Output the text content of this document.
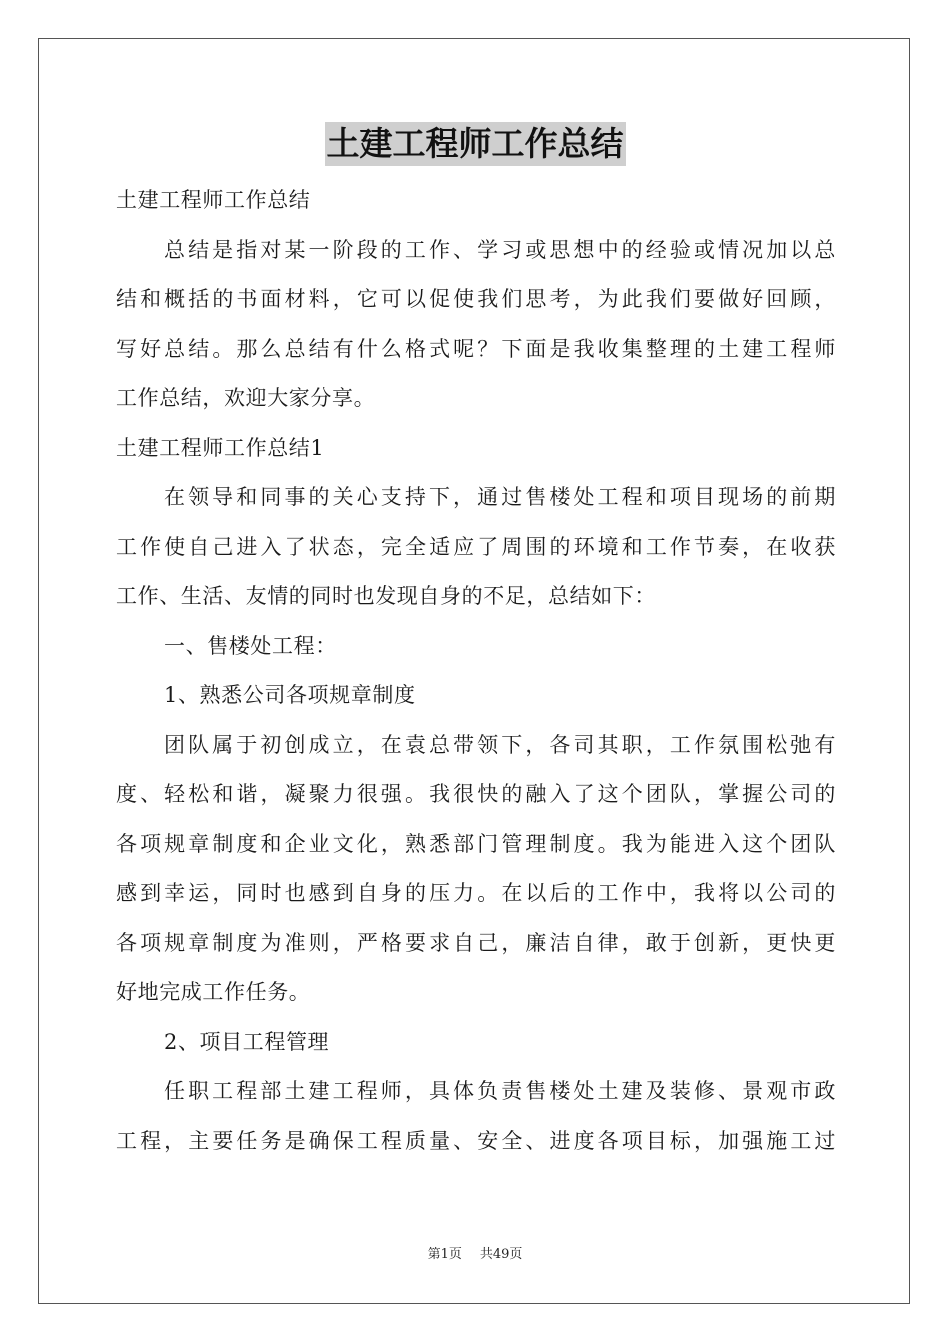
土建工程师工作总结
土建工程师工作总结
总结是指对某一阶段的工作、学习或思想中的经验或情况加以总
结和概括的书面材料，它可以促使我们思考，为此我们要做好回顾，
写好总结。那么总结有什么格式呢？下面是我收集整理的土建工程师
工作总结，欢迎大家分享。
土建工程师工作总结1
在领导和同事的关心支持下，通过售楼处工程和项目现场的前期
工作使自己进入了状态，完全适应了周围的环境和工作节奏，在收获
工作、生活、友情的同时也发现自身的不足，总结如下：
一、售楼处工程：
1、熟悉公司各项规章制度
团队属于初创成立，在袁总带领下，各司其职，工作氛围松弛有
度、轻松和谐，凝聚力很强。我很快的融入了这个团队，掌握公司的
各项规章制度和企业文化，熟悉部门管理制度。我为能进入这个团队
感到幸运，同时也感到自身的压力。在以后的工作中，我将以公司的
各项规章制度为准则，严格要求自己，廉洁自律，敢于创新，更快更
好地完成工作任务。
2、项目工程管理
任职工程部土建工程师，具体负责售楼处土建及装修、景观市政
工程，主要任务是确保工程质量、安全、进度各项目标，加强施工过
第1页 共49页
